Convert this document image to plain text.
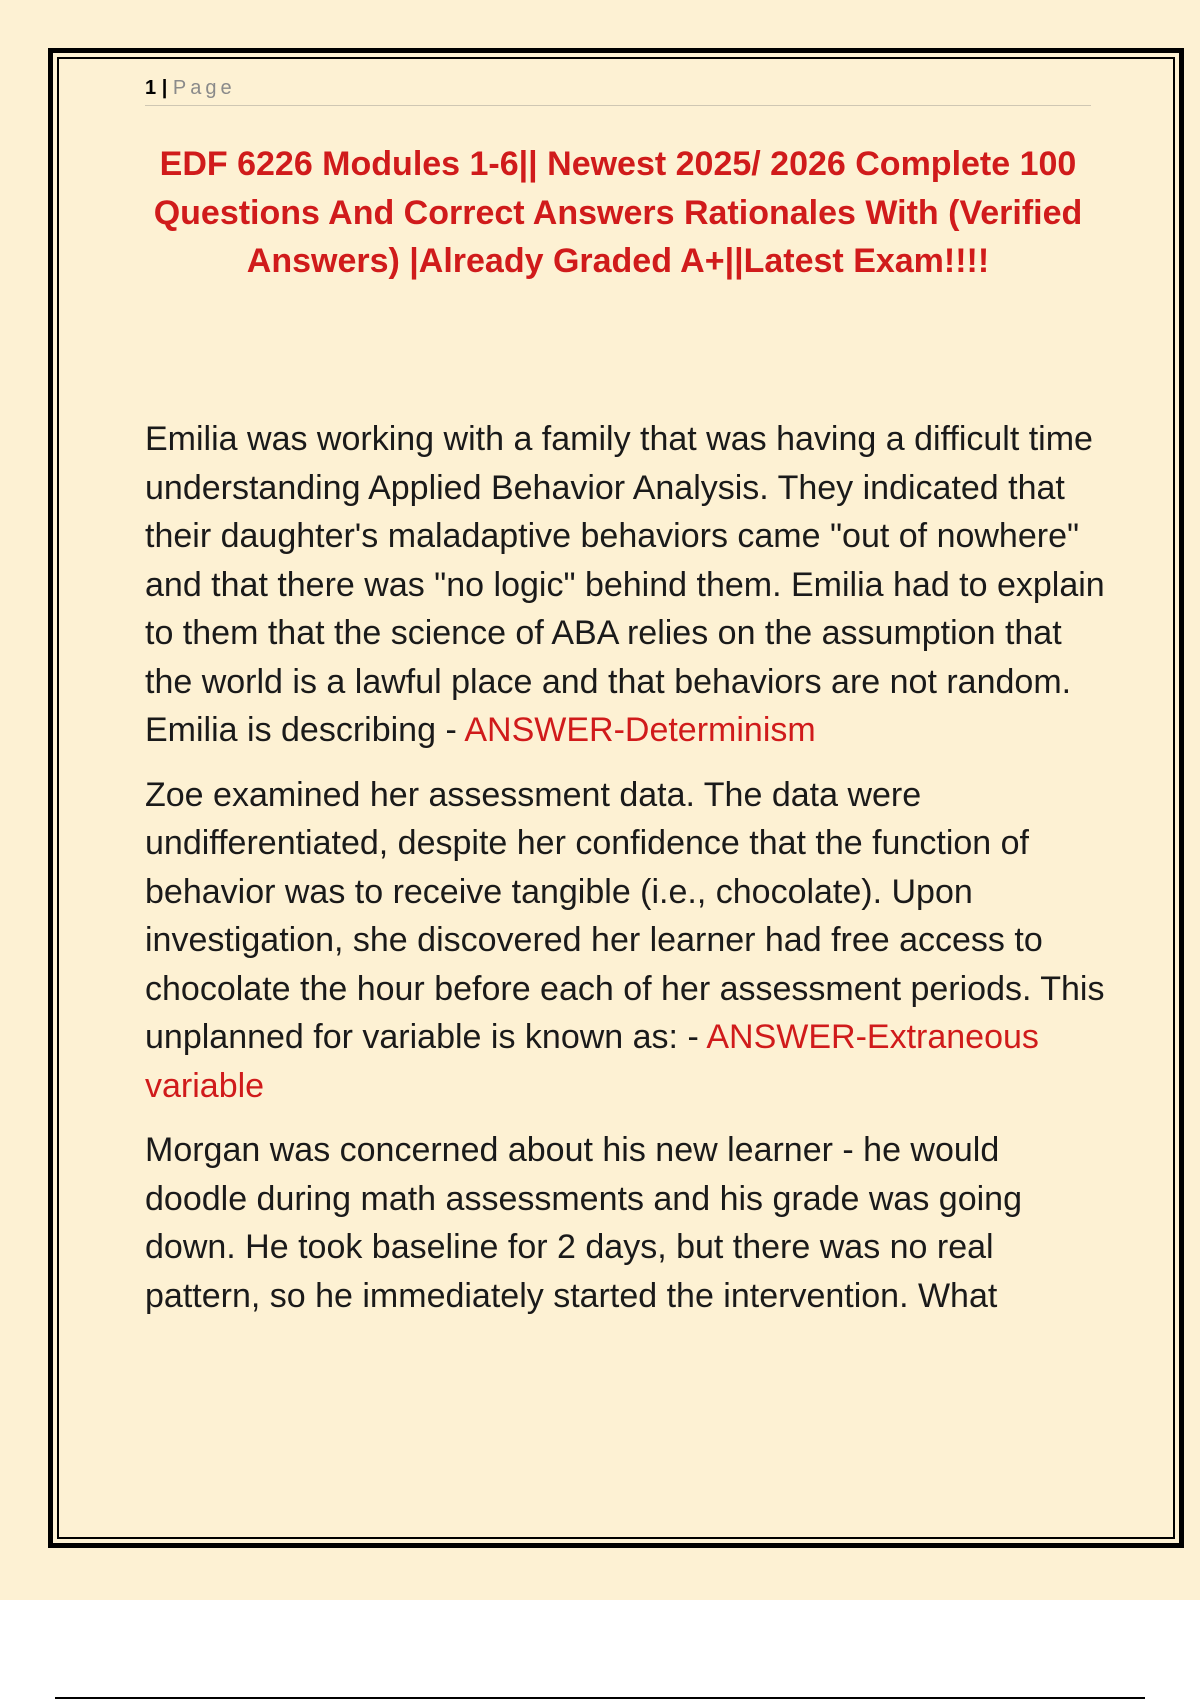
1 | Page
EDF 6226 Modules 1-6|| Newest 2025/ 2026 Complete 100 Questions And Correct Answers Rationales With (Verified Answers) |Already Graded A+||Latest Exam!!!!

Emilia was working with a family that was having a difficult time understanding Applied Behavior Analysis. They indicated that their daughter's maladaptive behaviors came "out of nowhere" and that there was "no logic" behind them. Emilia had to explain to them that the science of ABA relies on the assumption that the world is a lawful place and that behaviors are not random. Emilia is describing - ANSWER-Determinism

Zoe examined her assessment data. The data were undifferentiated, despite her confidence that the function of behavior was to receive tangible (i.e., chocolate). Upon investigation, she discovered her learner had free access to chocolate the hour before each of her assessment periods. This unplanned for variable is known as: - ANSWER-Extraneous variable

Morgan was concerned about his new learner - he would doodle during math assessments and his grade was going down. He took baseline for 2 days, but there was no real pattern, so he immediately started the intervention. What
